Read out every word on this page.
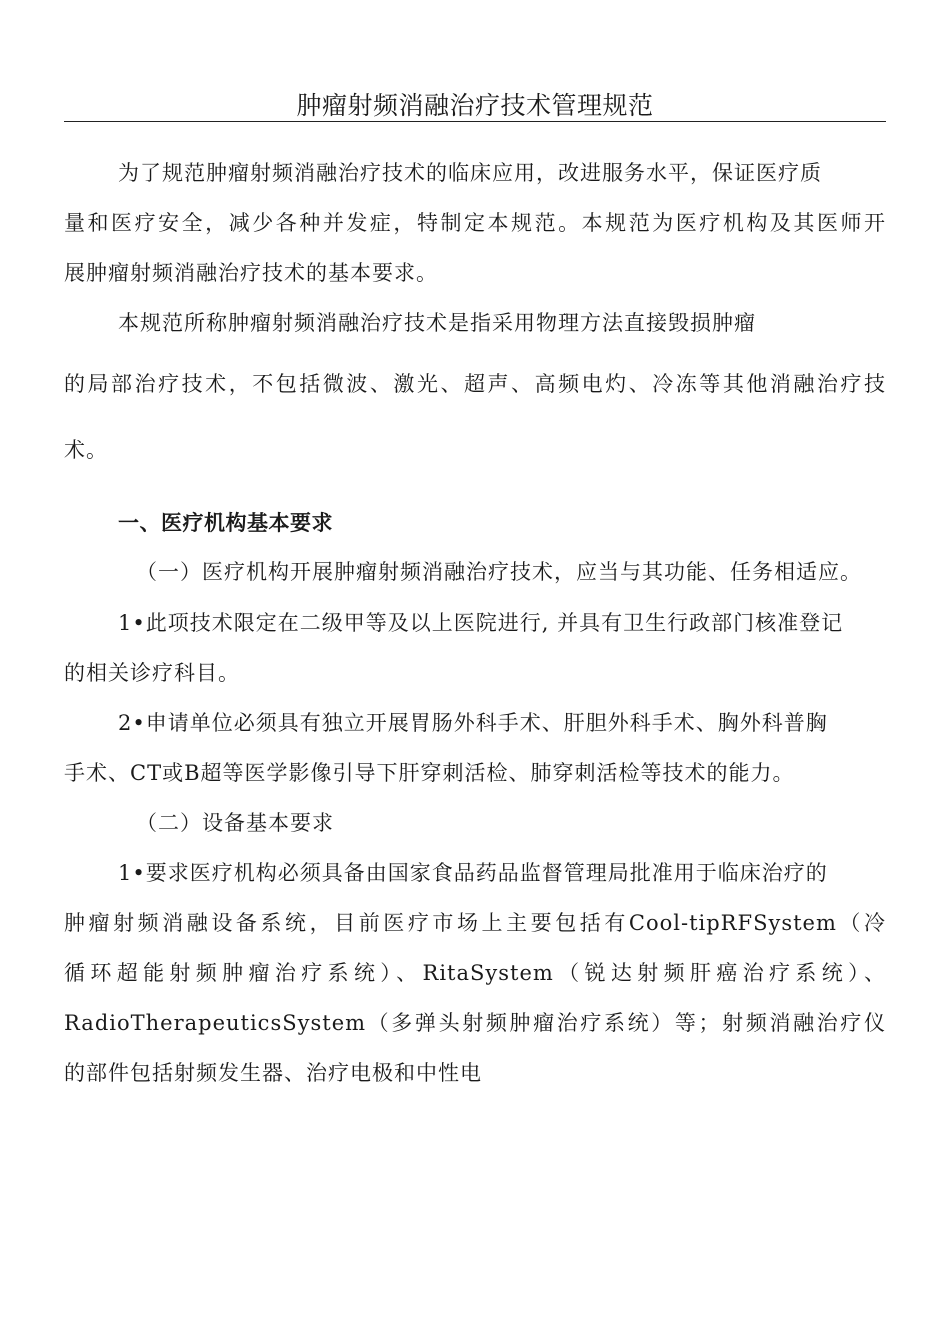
肿瘤射频消融治疗技术管理规范
为了规范肿瘤射频消融治疗技术的临床应用，改进服务水平，保证医疗质
量和医疗安全，减少各种并发症，特制定本规范。本规范为医疗机构及其医师开
展肿瘤射频消融治疗技术的基本要求。
本规范所称肿瘤射频消融治疗技术是指采用物理方法直接毁损肿瘤
的局部治疗技术，不包括微波、激光、超声、高频电灼、冷冻等其他消融治疗技
术。
一、医疗机构基本要求
（一）医疗机构开展肿瘤射频消融治疗技术，应当与其功能、任务相适应。
1•此项技术限定在二级甲等及以上医院进行, 并具有卫生行政部门核准登记
的相关诊疗科目。
2•申请单位必须具有独立开展胃肠外科手术、肝胆外科手术、胸外科普胸
手术、CT或B超等医学影像引导下肝穿刺活检、肺穿刺活检等技术的能力。
（二）设备基本要求
1•要求医疗机构必须具备由国家食品药品监督管理局批准用于临床治疗的
肿瘤射频消融设备系统，目前医疗市场上主要包括有Cool-tipRFSystem（冷
循环超能射频肿瘤治疗系统）、RitaSystem（锐达射频肝癌治疗系统）、
RadioTherapeuticsSystem（多弹头射频肿瘤治疗系统）等；射频消融治疗仪
的部件包括射频发生器、治疗电极和中性电
